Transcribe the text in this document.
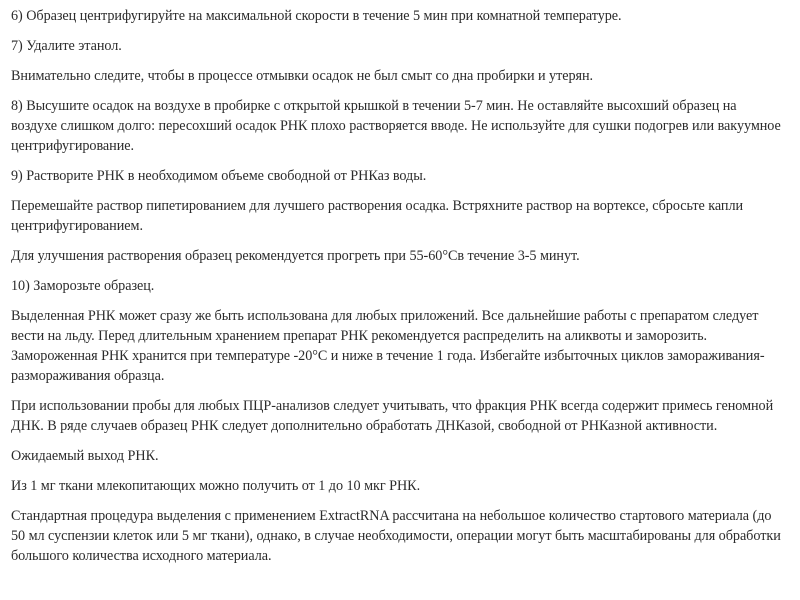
6) Образец центрифугируйте на максимальной скорости в течение 5 мин при комнатной температуре.

7) Удалите этанол.

Внимательно следите, чтобы в процессе отмывки осадок не был смыт со дна пробирки и утерян.

8) Высушите осадок на воздухе в пробирке с открытой крышкой в течении 5-7 мин. Не оставляйте высохший образец на воздухе слишком долго: пересохший осадок РНК плохо растворяется вводе. Не используйте для сушки подогрев или вакуумное центрифугирование.

9) Растворите РНК в необходимом объеме свободной от РНКаз воды.

Перемешайте раствор пипетированием для лучшего растворения осадка. Встряхните раствор на вортексе, сбросьте капли центрифугированием.

Для улучшения растворения образец рекомендуется прогреть при 55-60°Св течение 3-5 минут.

10) Заморозьте образец.

Выделенная РНК может сразу же быть использована для любых приложений. Все дальнейшие работы с препаратом следует вести на льду. Перед длительным хранением препарат РНК рекомендуется распределить на аликвоты и заморозить. Замороженная РНК хранится при температуре -20°С и ниже в течение 1 года. Избегайте избыточных циклов замораживания-размораживания образца.

При использовании пробы для любых ПЦР-анализов следует учитывать, что фракция РНК всегда содержит примесь геномной ДНК. В ряде случаев образец РНК следует дополнительно обработать ДНКазой, свободной от РНКазной активности.

Ожидаемый выход РНК.

Из 1 мг ткани млекопитающих можно получить от 1 до 10 мкг РНК.

Стандартная процедура выделения с применением ExtractRNA рассчитана на небольшое количество стартового материала (до 50 мл суспензии клеток или 5 мг ткани), однако, в случае необходимости, операции могут быть масштабированы для обработки большого количества исходного материала.
